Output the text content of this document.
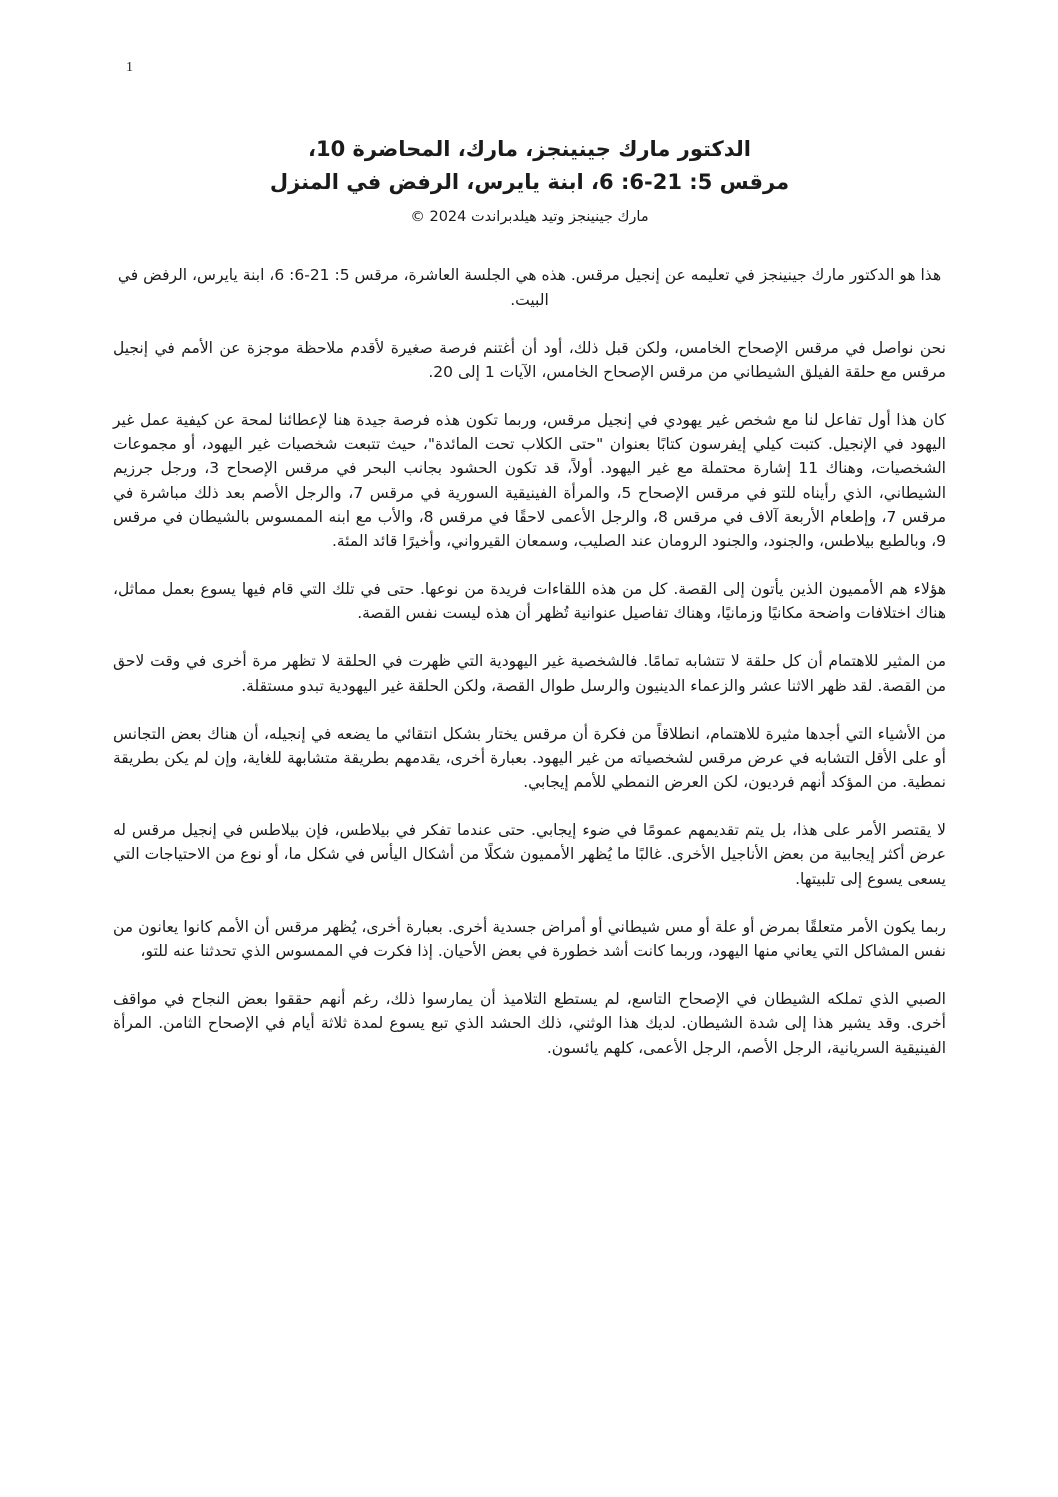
1
الدكتور مارك جينينجز، مارك، المحاضرة 10،
مرقس 5: 21-6: 6، ابنة يايرس، الرفض في المنزل
مارك جينينجز وتيد هيلدبراندت 2024 ©

هذا هو الدكتور مارك جينينجز في تعليمه عن إنجيل مرقس. هذه هي الجلسة العاشرة، مرقس 5: 21-6: 6، ابنة يايرس، الرفض في البيت.

نحن نواصل في مرقس الإصحاح الخامس، ولكن قبل ذلك، أود أن أغتنم فرصة صغيرة لأقدم ملاحظة موجزة عن الأمم في إنجيل مرقس مع حلقة الفيلق الشيطاني من مرقس الإصحاح الخامس، الآيات 1 إلى 20.

كان هذا أول تفاعل لنا مع شخص غير يهودي في إنجيل مرقس، وربما تكون هذه فرصة جيدة هنا لإعطائنا لمحة عن كيفية عمل غير اليهود في الإنجيل. كتبت كيلي إيفرسون كتابًا بعنوان "حتى الكلاب تحت المائدة"، حيث تتبعت شخصيات غير اليهود، أو مجموعات الشخصيات، وهناك 11 إشارة محتملة مع غير اليهود. أولاً، قد تكون الحشود بجانب البحر في مرقس الإصحاح 3، ورجل جرزيم الشيطاني، الذي رأيناه للتو في مرقس الإصحاح 5، والمرأة الفينيقية السورية في مرقس 7، والرجل الأصم بعد ذلك مباشرة في مرقس 7، وإطعام الأربعة آلاف في مرقس 8، والرجل الأعمى لاحقًا في مرقس 8، والأب مع ابنه الممسوس بالشيطان في مرقس 9، وبالطبع بيلاطس، والجنود، والجنود الرومان عند الصليب، وسمعان القيرواني، وأخيرًا قائد المئة.

هؤلاء هم الأمميون الذين يأتون إلى القصة. كل من هذه اللقاءات فريدة من نوعها. حتى في تلك التي قام فيها يسوع بعمل مماثل، هناك اختلافات واضحة مكانيًا وزمانيًا، وهناك تفاصيل عنوانية تُظهر أن هذه ليست نفس القصة.

من المثير للاهتمام أن كل حلقة لا تتشابه تمامًا. فالشخصية غير اليهودية التي ظهرت في الحلقة لا تظهر مرة أخرى في وقت لاحق من القصة. لقد ظهر الاثنا عشر والزعماء الدينيون والرسل طوال القصة، ولكن الحلقة غير اليهودية تبدو مستقلة.

من الأشياء التي أجدها مثيرة للاهتمام، انطلاقاً من فكرة أن مرقس يختار بشكل انتقائي ما يضعه في إنجيله، أن هناك بعض التجانس أو على الأقل التشابه في عرض مرقس لشخصياته من غير اليهود. بعبارة أخرى، يقدمهم بطريقة متشابهة للغاية، وإن لم يكن بطريقة نمطية. من المؤكد أنهم فرديون، لكن العرض النمطي للأمم إيجابي.

لا يقتصر الأمر على هذا، بل يتم تقديمهم عمومًا في ضوء إيجابي. حتى عندما تفكر في بيلاطس، فإن بيلاطس في إنجيل مرقس له عرض أكثر إيجابية من بعض الأناجيل الأخرى. غالبًا ما يُظهر الأمميون شكلًا من أشكال اليأس في شكل ما، أو نوع من الاحتياجات التي يسعى يسوع إلى تلبيتها.

ربما يكون الأمر متعلقًا بمرض أو علة أو مس شيطاني أو أمراض جسدية أخرى. بعبارة أخرى، يُظهر مرقس أن الأمم كانوا يعانون من نفس المشاكل التي يعاني منها اليهود، وربما كانت أشد خطورة في بعض الأحيان. إذا فكرت في الممسوس الذي تحدثنا عنه للتو،

الصبي الذي تملكه الشيطان في الإصحاح التاسع، لم يستطع التلاميذ أن يمارسوا ذلك، رغم أنهم حققوا بعض النجاح في مواقف أخرى. وقد يشير هذا إلى شدة الشيطان. لديك هذا الوثني، ذلك الحشد الذي تبع يسوع لمدة ثلاثة أيام في الإصحاح الثامن. المرأة الفينيقية السريانية، الرجل الأصم، الرجل الأعمى، كلهم يائسون.
